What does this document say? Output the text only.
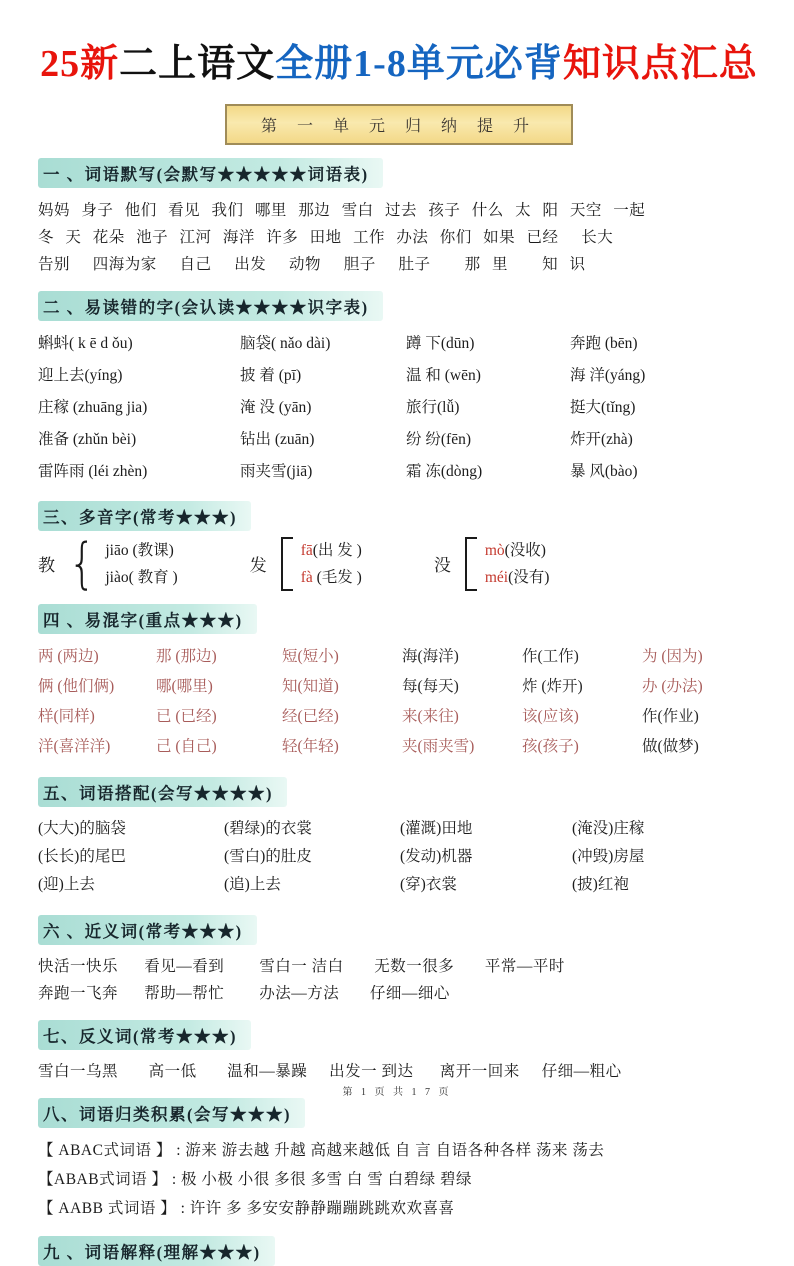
25新二上语文全册1-8单元必背知识点汇总
第 一 单 元 归 纳 提 升
一 、词语默写(会默写★★★★★词语表)

妈妈 身子 他们 看见 我们 哪里 那边 雪白 过去 孩子 什么 太 阳 天空 一起

冬 天 花朵 池子 江河 海洋 许多 田地 工作 办法 你们 如果 已经  长大

告别  四海为家  自己  出发  动物  胆子  肚子   那 里   知 识

二 、易读错的字(会认读★★★★识字表)
蝌蚪( k ē d ǒu)	脑袋( nǎo dài)	蹲 下(dūn)	奔跑 (bēn)
迎上去(yíng)	披 着 (pī)	温 和 (wēn)	海 洋(yáng)
庄稼 (zhuāng jia)	淹 没 (yān)	旅行(lǚ)	挺大(tǐng)
准备 (zhǔn bèi)	钻出 (zuān)	纷 纷(fēn)	炸开(zhà)
雷阵雨 (léi zhèn)	雨夹雪(jiā)	霜 冻(dòng)	暴 风(bào)
三、多音字(常考★★★)
教 { jiāo (教课)
jiào( 教育 )
发
fā(出 发 )
fà (毛发 )
没
mò(没收)
méi(没有)
四 、易混字(重点★★★)
两 (两边)	那 (那边)	短(短小)	海(海洋)	作(工作)	为 (因为)
俩 (他们俩)	哪(哪里)	知(知道)	每(每天)	炸 (炸开)	办 (办法)
样(同样)	已 (已经)	经(已经)	来(来往)	该(应该)	作(作业)
洋(喜洋洋)	己 (自己)	轻(年轻)	夹(雨夹雪)	孩(孩子)	做(做梦)
五、词语搭配(会写★★★★)
(大大)的脑袋	(碧绿)的衣裳	(灌溉)田地	(淹没)庄稼
(长长)的尾巴	(雪白)的肚皮	(发动)机器	(冲毁)房屋
(迎)上去	(追)上去	(穿)衣裳	(披)红袍
六 、近义词(常考★★★)

快活一快乐      看见—看到        雪白一 洁白       无数一很多       平常—平时

奔跑一飞奔      帮助—帮忙        办法—方法       仔细—细心

七、反义词(常考★★★)

雪白一乌黑       高一低       温和—暴躁     出发一 到达      离开一回来     仔细—粗心

八、词语归类积累(会写★★★)

【 ABAC式词语 】 : 游来 游去越 升越 高越来越低 自 言 自语各种各样 荡来 荡去

【ABAB式词语 】 : 极 小极 小很 多很 多雪 白 雪 白碧绿 碧绿

【 AABB 式词语 】 : 许许 多 多安安静静蹦蹦跳跳欢欢喜喜

九 、词语解释(理解★★★)
第 1 页 共 1 7 页
